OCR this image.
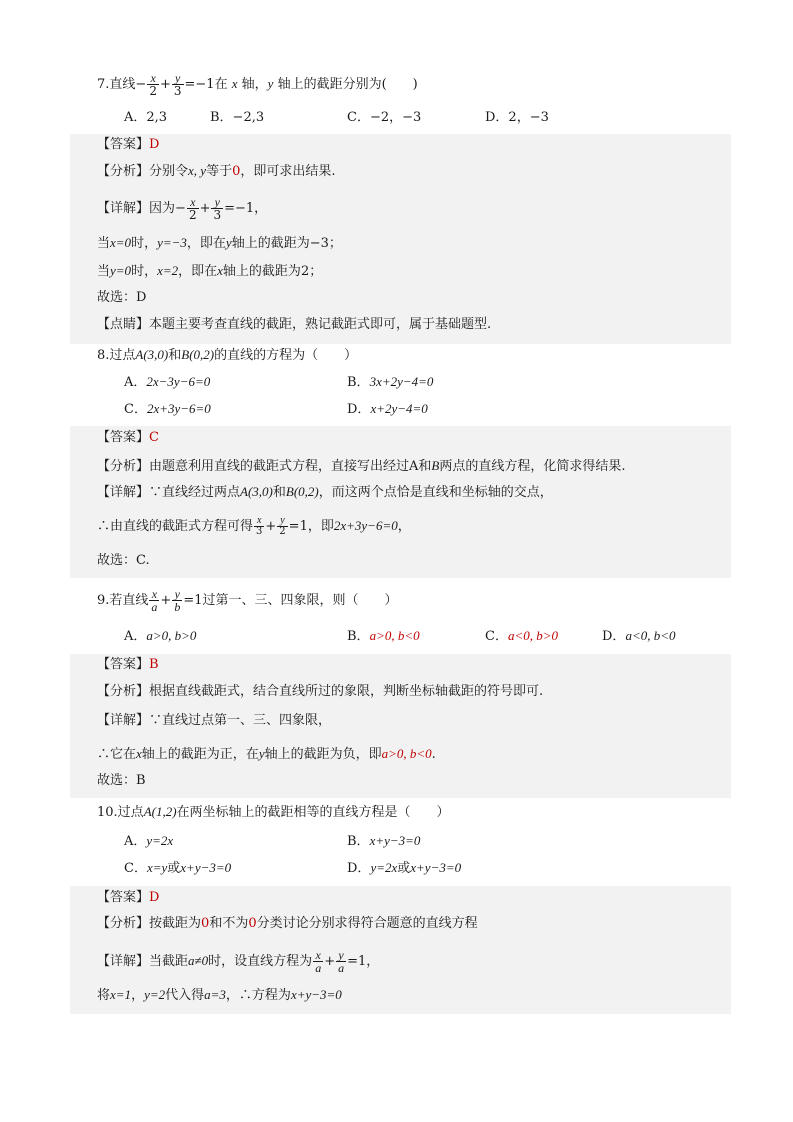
7.直线− $\frac{x}{2} + \frac{y}{3} =-1$在 x 轴，y 轴上的截距分别为(　　)
A．2,3	B．−2,3	C．−2，−3	D．2，−3
【答案】D
【分析】分别令x, y等于0，即可求出结果.
【详解】因为− $\frac{x}{2} + \frac{y}{3} =-1$，
当x=0时，y=−3，即在y轴上的截距为−3；
当y=0时，x=2，即在x轴上的截距为2；
故选：D
【点睛】本题主要考查直线的截距，熟记截距式即可，属于基础题型.
8.过点A(3,0)和B(0,2)的直线的方程为（　　）
A．2x−3y−6=0	B．3x+2y−4=0
C．2x+3y−6=0	D．x+2y−4=0
【答案】C
【分析】由题意利用直线的截距式方程，直接写出经过A和B两点的直线方程，化简求得结果.
【详解】∵直线经过两点A(3,0)和B(0,2)，而这两个点恰是直线和坐标轴的交点，
∴由直线的截距式方程可得 $\frac{x}{3} + \frac{y}{2} =1$，即2x+3y−6=0，
故选：C.
9.若直线 $\frac{x}{a} + \frac{y}{b} =1$过第一、三、四象限，则（　　）
A．a>0, b>0	B．a>0, b<0	C．a<0, b>0	D．a<0, b<0
【答案】B
【分析】根据直线截距式，结合直线所过的象限，判断坐标轴截距的符号即可.
【详解】∵直线过点第一、三、四象限，
∴它在x轴上的截距为正，在y轴上的截距为负，即a>0, b<0.
故选：B
10.过点A(1,2)在两坐标轴上的截距相等的直线方程是（　　）
A．y=2x	B．x+y−3=0
C．x=y或x+y−3=0	D．y=2x或x+y−3=0
【答案】D
【分析】按截距为0和不为0分类讨论分别求得符合题意的直线方程
【详解】当截距a≠0时，设直线方程为 $\frac{x}{a} + \frac{y}{a} =1$，
将x=1，y=2代入得a=3，∴方程为x+y−3=0
